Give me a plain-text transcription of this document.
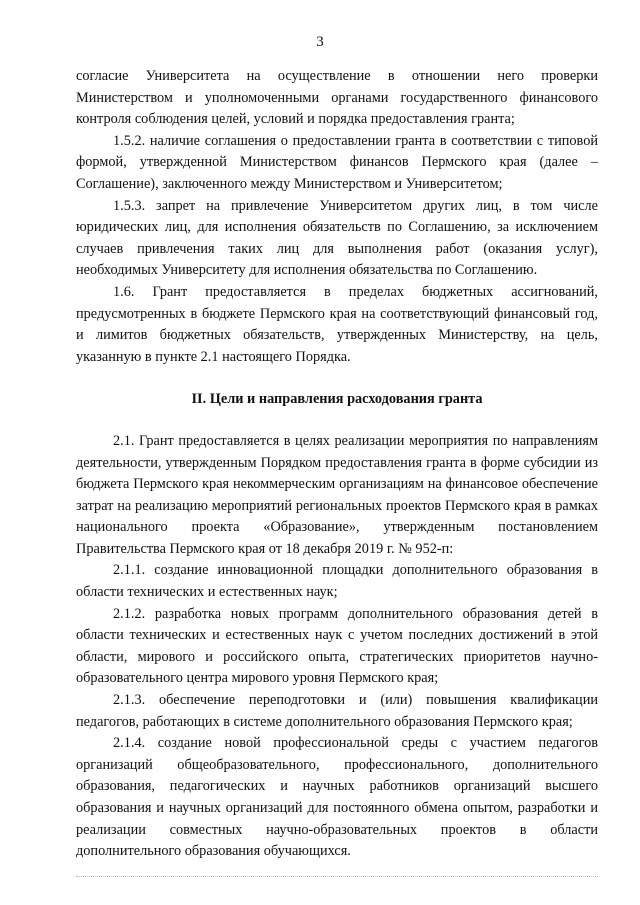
3

согласие Университета на осуществление в отношении него проверки Министерством и уполномоченными органами государственного финансового контроля соблюдения целей, условий и порядка предоставления гранта;

1.5.2. наличие соглашения о предоставлении гранта в соответствии с типовой формой, утвержденной Министерством финансов Пермского края (далее – Соглашение), заключенного между Министерством и Университетом;

1.5.3. запрет на привлечение Университетом других лиц, в том числе юридических лиц, для исполнения обязательств по Соглашению, за исключением случаев привлечения таких лиц для выполнения работ (оказания услуг), необходимых Университету для исполнения обязательства по Соглашению.

1.6. Грант предоставляется в пределах бюджетных ассигнований, предусмотренных в бюджете Пермского края на соответствующий финансовый год, и лимитов бюджетных обязательств, утвержденных Министерству, на цель, указанную в пункте 2.1 настоящего Порядка.

II. Цели и направления расходования гранта

2.1. Грант предоставляется в целях реализации мероприятия по направлениям деятельности, утвержденным Порядком предоставления гранта в форме субсидии из бюджета Пермского края некоммерческим организациям на финансовое обеспечение затрат на реализацию мероприятий региональных проектов Пермского края в рамках национального проекта «Образование», утвержденным постановлением Правительства Пермского края от 18 декабря 2019 г. № 952-п:

2.1.1. создание инновационной площадки дополнительного образования в области технических и естественных наук;

2.1.2. разработка новых программ дополнительного образования детей в области технических и естественных наук с учетом последних достижений в этой области, мирового и российского опыта, стратегических приоритетов научно-образовательного центра мирового уровня Пермского края;

2.1.3. обеспечение переподготовки и (или) повышения квалификации педагогов, работающих в системе дополнительного образования Пермского края;

2.1.4. создание новой профессиональной среды с участием педагогов организаций общеобразовательного, профессионального, дополнительного образования, педагогических и научных работников организаций высшего образования и научных организаций для постоянного обмена опытом, разработки и реализации совместных научно-образовательных проектов в области дополнительного образования обучающихся.
